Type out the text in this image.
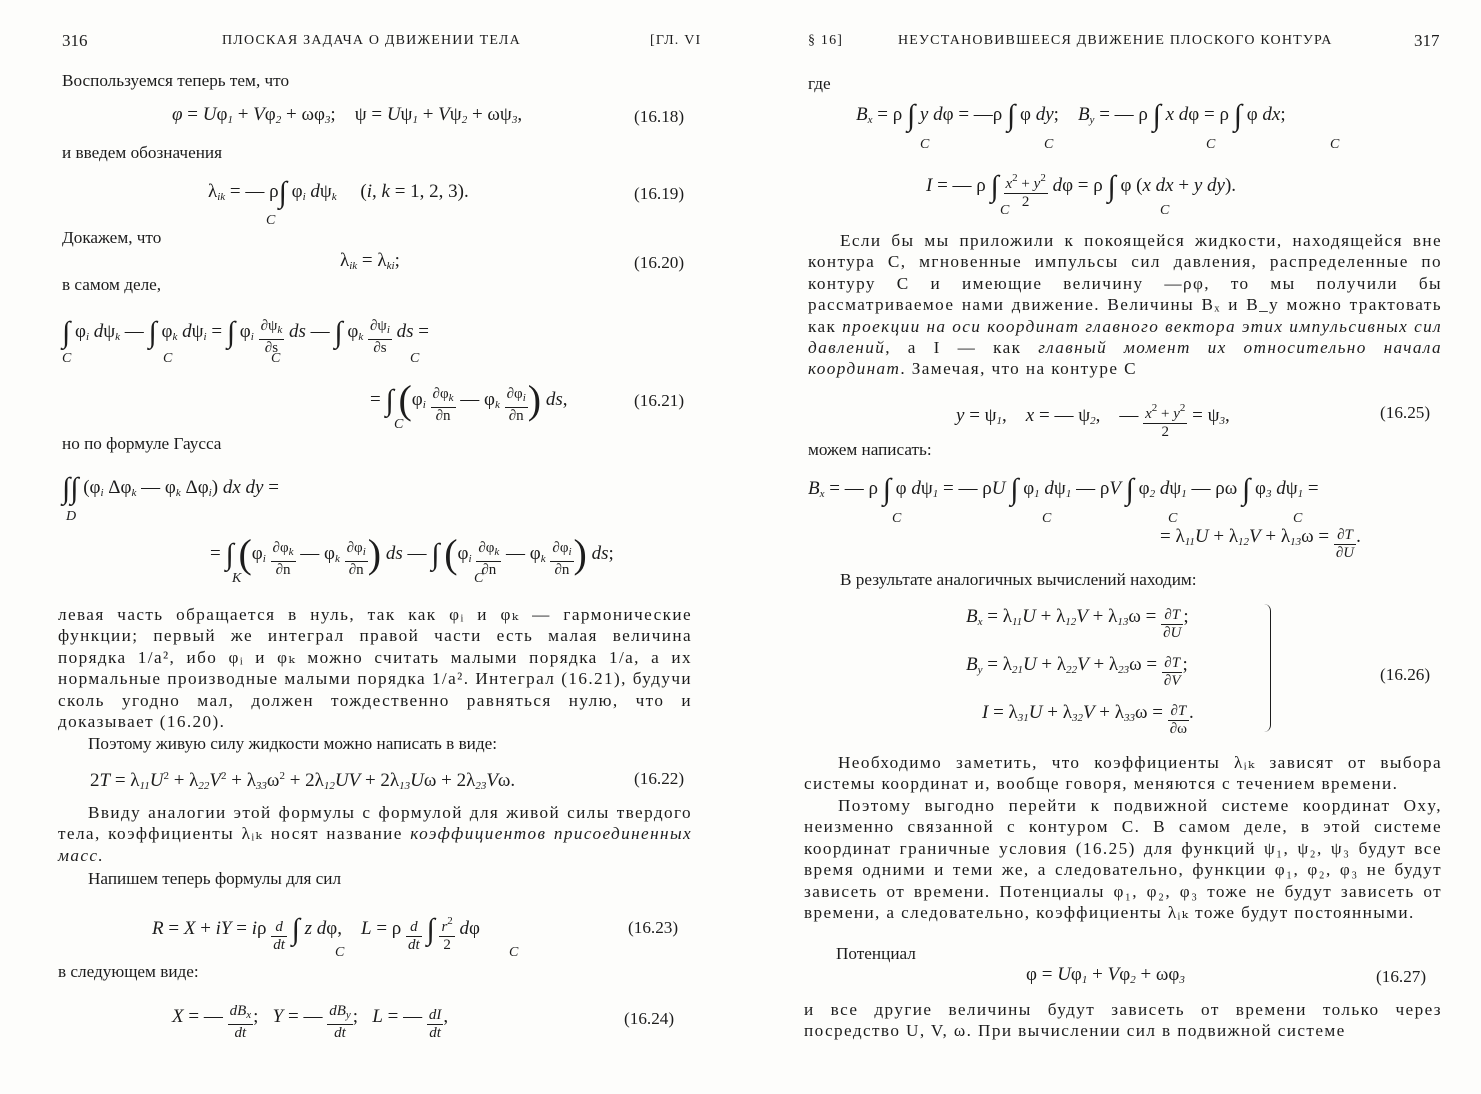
316	ПЛОСКАЯ ЗАДАЧА О ДВИЖЕНИИ ТЕЛА	[ГЛ. VI
Воспользуемся теперь тем, что
$\varphi = U\varphi_1 + V\varphi_2 + \omega\varphi_3$;    $\psi = U\psi_1 + V\psi_2 + \omega\psi_3$,	(16.18)
и введем обозначения
$\lambda_{ik}$ = — ρ∫ $\varphi_i$ $d\psi_k$     (i, k = 1, 2, 3).
C
(16.19)
Докажем, что
$\lambda_{ik} = \lambda_{ki}$;	(16.20)
в самом деле,
∫ $\varphi_i$ $d\psi_k$ — ∫ $\varphi_k$ $d\psi_i$ = ∫ $\varphi_i \frac{\partial\psi_k}{\partial s}$ ds — ∫ $\varphi_k \frac{\partial\psi_i}{\partial s}$ ds =
C	C	C	C
= ∫ ($\varphi_i \frac{\partial\varphi_k}{\partial n}$ — $\varphi_k \frac{\partial\varphi_i}{\partial n}$ ) ds,
C
(16.21)
но по формуле Гаусса
∫∫ ($\varphi_i$ $\Delta\varphi_k$ — $\varphi_k$ $\Delta\varphi_i$) dx dy =
D
= ∫ ($\varphi_i \frac{\partial\varphi_k}{\partial n}$ — $\varphi_k \frac{\partial\varphi_i}{\partial n}$ ) ds — ∫ ($\varphi_i \frac{\partial\varphi_k}{\partial n}$ — $\varphi_k \frac{\partial\varphi_i}{\partial n}$ ) ds;
K	C
левая часть обращается в нуль, так как φᵢ и φₖ — гармонические функции; первый же интеграл правой части есть малая величина порядка 1/a², ибо φᵢ и φₖ можно считать малыми порядка 1/a, а их нормальные производные малыми порядка 1/a². Интеграл (16.21), будучи сколь угодно мал, должен тождественно равняться нулю, что и доказывает (16.20).
Поэтому живую силу жидкости можно написать в виде:
$2T = \lambda_{11}U^2 + \lambda_{22}V^2 + \lambda_{33}\omega^2 + 2\lambda_{12}UV + 2\lambda_{13}U\omega + 2\lambda_{23}V\omega$.	(16.22)
Ввиду аналогии этой формулы с формулой для живой силы твердого тела, коэффициенты λᵢₖ носят название коэффициентов присоединенных масс.
Напишем теперь формулы для сил
R = X + iY = iρ $\frac{d}{dt}$ ∫ z dφ,    L = ρ $\frac{d}{dt}$ ∫ $\frac{r^2}{2}$ dφ
C	C
(16.23)
в следующем виде:
X = — $dB_x$
dt
;   Y = — $dB_y$
dt
;   L = — $\frac{dI}{dt}$ ,	(16.24)
§ 16]	НЕУСТАНОВИВШЕЕСЯ ДВИЖЕНИЕ ПЛОСКОГО КОНТУРА	317
где
$B_x = \rho$ ∫ y dφ = —ρ ∫ φ dy;    $B_y$ = — ρ ∫ x dφ = ρ ∫ φ dx;
C	C	C	C
I = — ρ ∫ $\frac{x^2 + y^2}{2}$ dφ = ρ ∫ φ (x dx + y dy).
C	C
Если бы мы приложили к покоящейся жидкости, находящейся вне контура C, мгновенные импульсы сил давления, распределенные по контуру C и имеющие величину —ρφ, то мы получили бы рассматриваемое нами движение. Величины Bₓ и B_y можно трактовать как проекции на оси координат главного вектора этих импульсивных сил давлений, а I — как главный момент их относительно начала координат. Замечая, что на контуре C
$y = \psi_1$,    x = — $\psi_2$,    — $\frac{x^2 + y^2}{2} = \psi_3$,	(16.25)
можем написать:
$B_x$ = — ρ ∫ φ $d\psi_1$ = — ρU ∫ $\varphi_1$ $d\psi_1$ — ρV ∫ $\varphi_2$ $d\psi_1$ — ρω ∫ $\varphi_3$ $d\psi_1$ =
C	C	C	C
= $\lambda_{11}U + \lambda_{12}V + \lambda_{13}\omega = \frac{\partial T}{\partial U}$ .
В результате аналогичных вычислений находим:
$B_x = \lambda_{11}U + \lambda_{12}V + \lambda_{13}\omega = \frac{\partial T}{\partial U}$ ;
$B_y = \lambda_{21}U + \lambda_{22}V + \lambda_{23}\omega = \frac{\partial T}{\partial V}$ ;
$I = \lambda_{31}U + \lambda_{32}V + \lambda_{33}\omega = \frac{\partial T}{\partial\omega}$ .
(16.26)
Необходимо заметить, что коэффициенты λᵢₖ зависят от выбора системы координат и, вообще говоря, меняются с течением времени.
Поэтому выгодно перейти к подвижной системе координат Oxy, неизменно связанной с контуром C. В самом деле, в этой системе координат граничные условия (16.25) для функций ψ₁, ψ₂, ψ₃ будут все время одними и теми же, а следовательно, функции φ₁, φ₂, φ₃ не будут зависеть от времени. Потенциалы φ₁, φ₂, φ₃ тоже не будут зависеть от времени, а следовательно, коэффициенты λᵢₖ тоже будут постоянными.
Потенциал
$\varphi = U\varphi_1 + V\varphi_2 + \omega\varphi_3$	(16.27)
и все другие величины будут зависеть от времени только через посредство U, V, ω. При вычислении сил в подвижной системе
